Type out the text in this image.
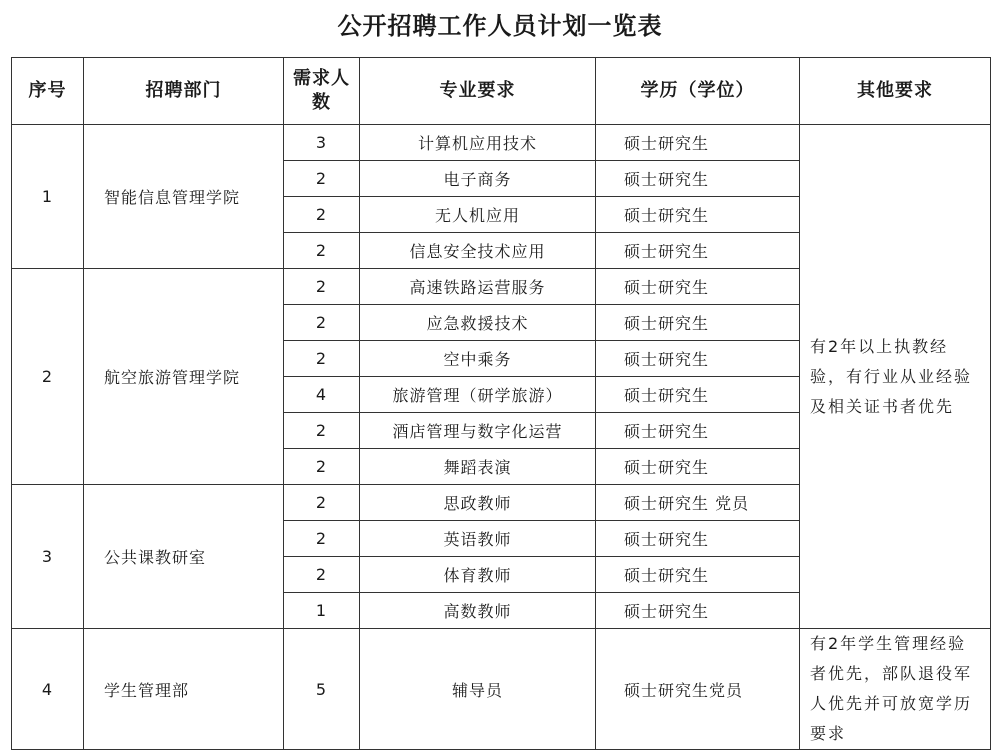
公开招聘工作人员计划一览表
序号	招聘部门	需求人数	专业要求	学历（学位）	其他要求
1	智能信息管理学院	3	计算机应用技术	硕士研究生	有2年以上执教经验，有行业从业经验及相关证书者优先
		2	电子商务	硕士研究生	
		2	无人机应用	硕士研究生	
		2	信息安全技术应用	硕士研究生	
2	航空旅游管理学院	2	高速铁路运营服务	硕士研究生	
		2	应急救援技术	硕士研究生	
		2	空中乘务	硕士研究生	
		4	旅游管理（研学旅游）	硕士研究生	
		2	酒店管理与数字化运营	硕士研究生	
		2	舞蹈表演	硕士研究生	
3	公共课教研室	2	思政教师	硕士研究生 党员	
		2	英语教师	硕士研究生	
		2	体育教师	硕士研究生	
		1	高数教师	硕士研究生	
4	学生管理部	5	辅导员	硕士研究生党员	有2年学生管理经验者优先，部队退役军人优先并可放宽学历要求
